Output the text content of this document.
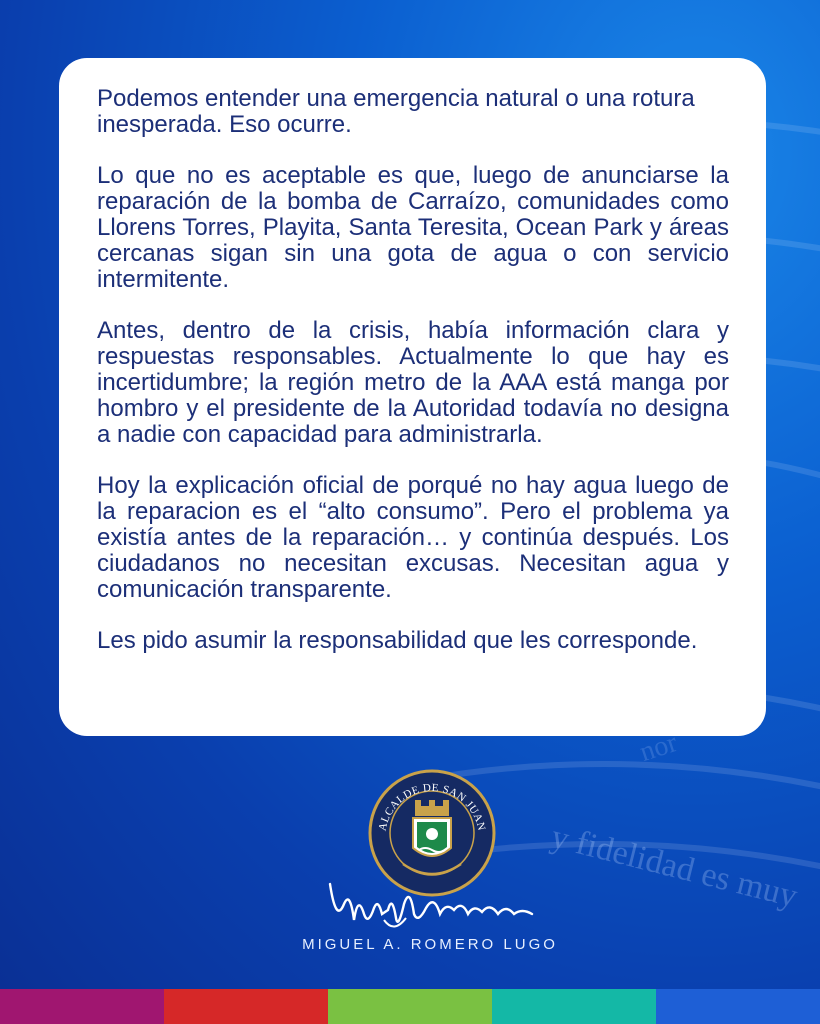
y fidelidad es muy
nor

Podemos entender una emergencia natural o una rotura inesperada. Eso ocurre.

Lo que no es aceptable es que, luego de anunciarse la reparación de la bomba de Carraízo, comunidades como Llorens Torres, Playita, Santa Teresita, Ocean Park y áreas cercanas sigan sin una gota de agua o con servicio intermitente.

Antes, dentro de la crisis, había información clara y respuestas responsables. Actualmente lo que hay es incertidumbre; la región metro de la AAA está manga por hombro y el presidente de la Autoridad todavía no designa a nadie con capacidad para administrarla.

Hoy la explicación oficial de porqué no hay agua luego de la reparacion es el “alto consumo”. Pero el problema ya existía antes de la reparación… y continúa después. Los ciudadanos no necesitan excusas. Necesitan agua y comunicación transparente.

Les pido asumir la responsabilidad que les corresponde.

ALCALDE DE SAN JUAN
MIGUEL A. ROMERO LUGO
